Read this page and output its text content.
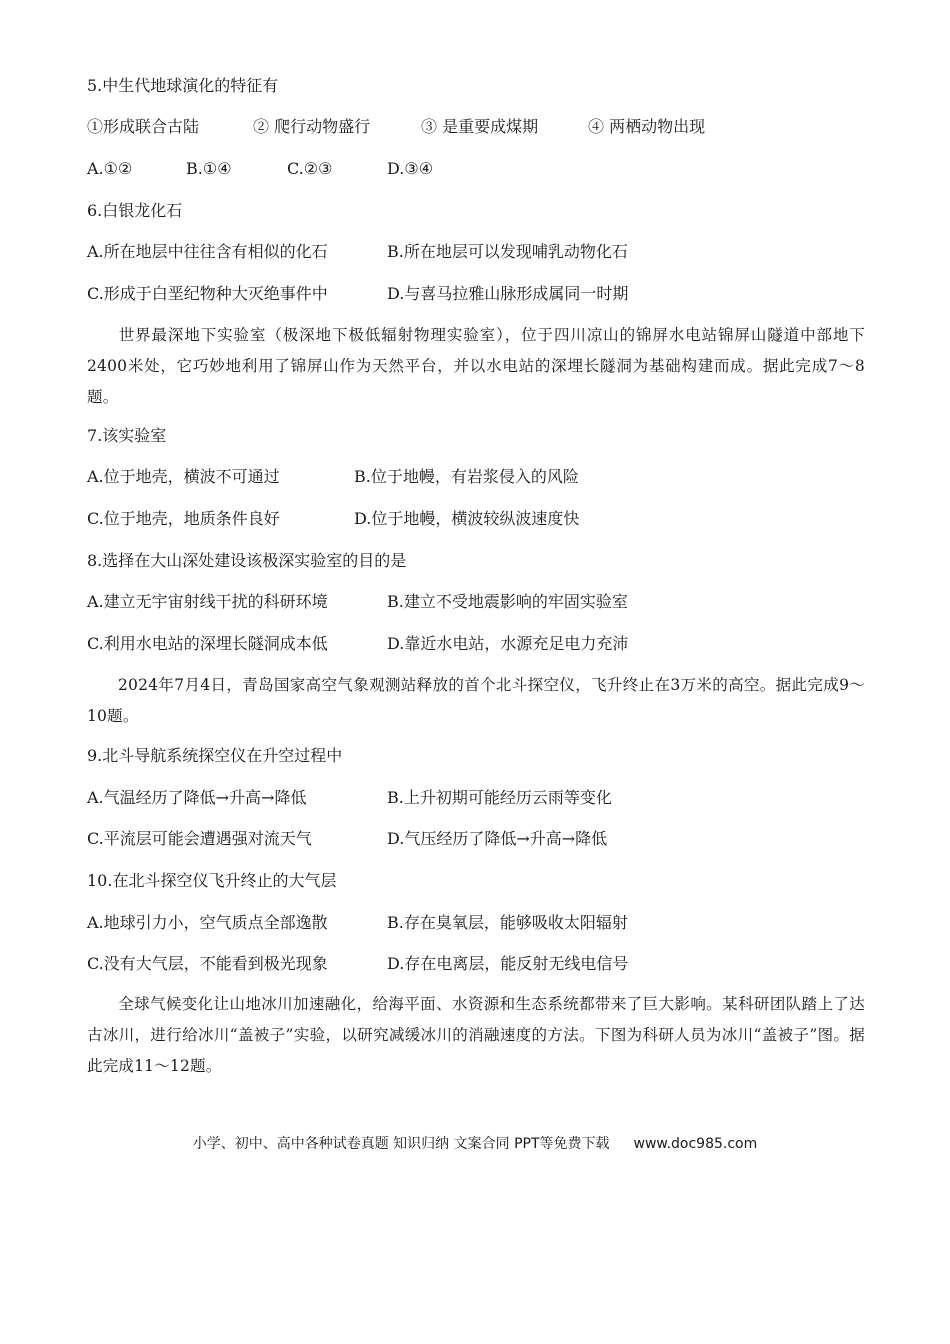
5.中生代地球演化的特征有
①形成联合古陆	② 爬行动物盛行	③ 是重要成煤期	④ 两栖动物出现
A.①②	B.①④	C.②③	D.③④
6.白银龙化石
A.所在地层中往往含有相似的化石	B.所在地层可以发现哺乳动物化石
C.形成于白垩纪物种大灭绝事件中	D.与喜马拉雅山脉形成属同一时期
世界最深地下实验室（极深地下极低辐射物理实验室），位于四川凉山的锦屏水电站锦屏山隧道中部地下2400米处，它巧妙地利用了锦屏山作为天然平台，并以水电站的深埋长隧洞为基础构建而成。据此完成7～8题。
7.该实验室
A.位于地壳，横波不可通过	B.位于地幔，有岩浆侵入的风险
C.位于地壳，地质条件良好	D.位于地幔，横波较纵波速度快
8.选择在大山深处建设该极深实验室的目的是
A.建立无宇宙射线干扰的科研环境	B.建立不受地震影响的牢固实验室
C.利用水电站的深埋长隧洞成本低	D.靠近水电站，水源充足电力充沛
2024年7月4日，青岛国家高空气象观测站释放的首个北斗探空仪，飞升终止在3万米的高空。据此完成9～10题。
9.北斗导航系统探空仪在升空过程中
A.气温经历了降低→升高→降低	B.上升初期可能经历云雨等变化
C.平流层可能会遭遇强对流天气	D.气压经历了降低→升高→降低
10.在北斗探空仪飞升终止的大气层
A.地球引力小，空气质点全部逸散	B.存在臭氧层，能够吸收太阳辐射
C.没有大气层，不能看到极光现象	D.存在电离层，能反射无线电信号
全球气候变化让山地冰川加速融化，给海平面、水资源和生态系统都带来了巨大影响。某科研团队踏上了达古冰川，进行给冰川“盖被子”实验，以研究减缓冰川的消融速度的方法。下图为科研人员为冰川“盖被子”图。据此完成11～12题。
小学、初中、高中各种试卷真题 知识归纳 文案合同 PPT等免费下载 www.doc985.com
